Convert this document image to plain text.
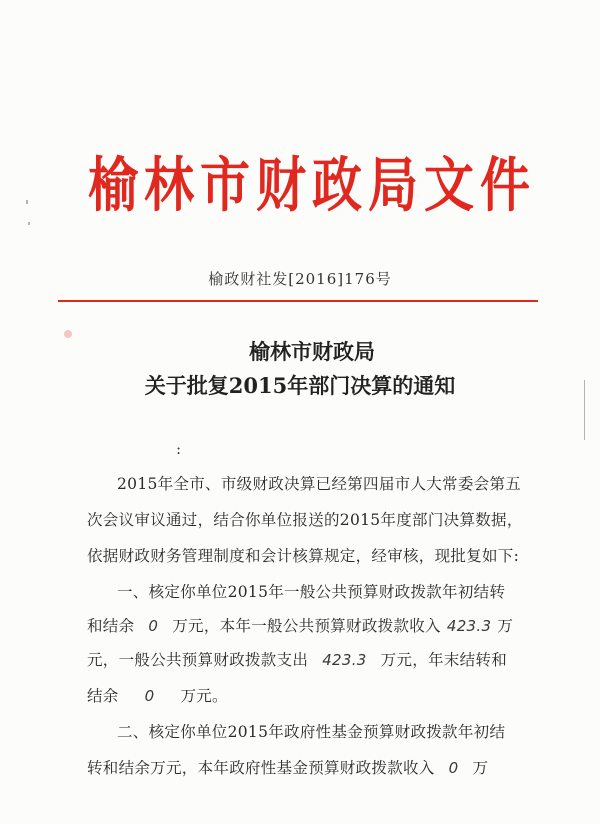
榆林市财政局文件
榆政财社发[2016]176号
榆林市财政局
关于批复2015年部门决算的通知
:
2015年全市、市级财政决算已经第四届市人大常委会第五
次会议审议通过，结合你单位报送的2015年度部门决算数据，
依据财政财务管理制度和会计核算规定，经审核，现批复如下:
一、核定你单位2015年一般公共预算财政拨款年初结转
和结余 0 万元，本年一般公共预算财政拨款收入 423.3 万
元，一般公共预算财政拨款支出 423.3 万元，年末结转和
结余 0 万元。
二、核定你单位2015年政府性基金预算财政拨款年初结
转和结余万元，本年政府性基金预算财政拨款收入 0 万
